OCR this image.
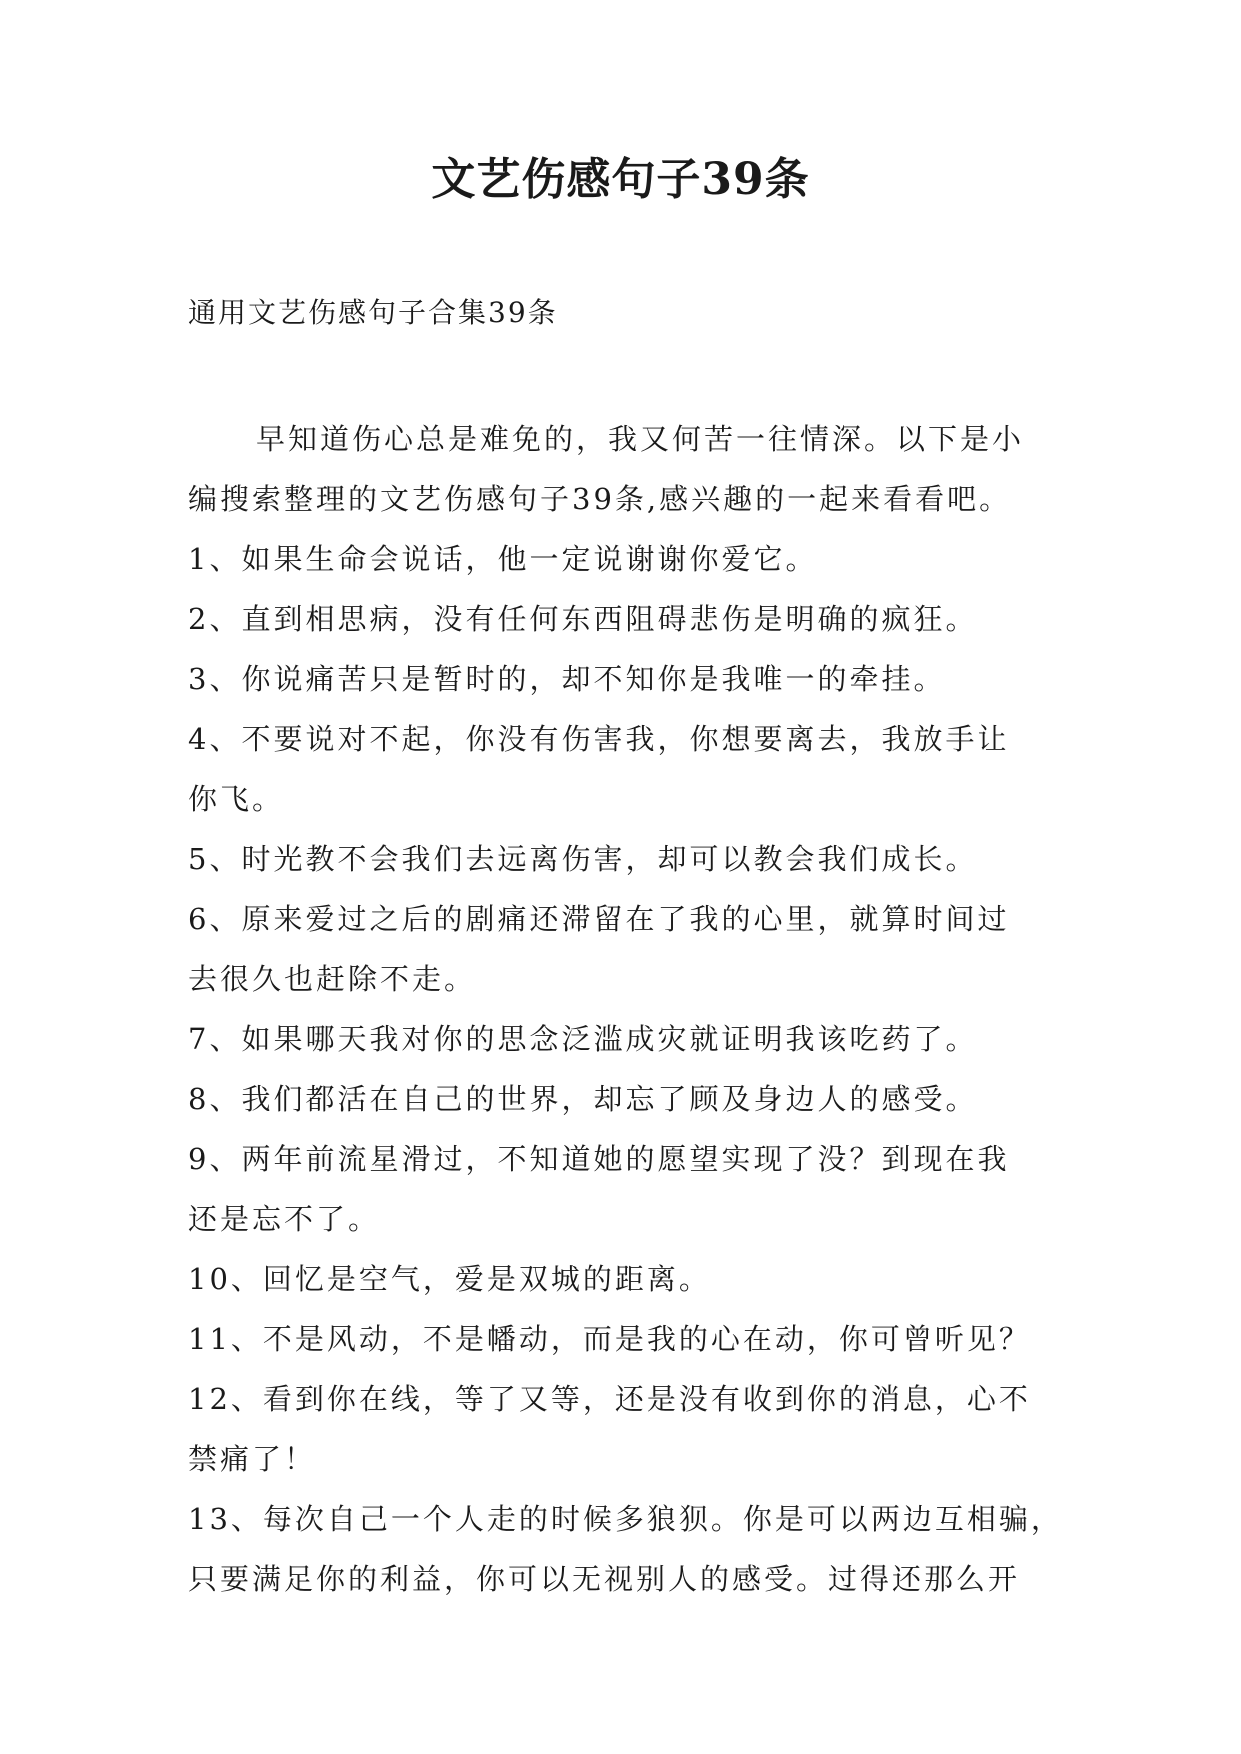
文艺伤感句子39条
通用文艺伤感句子合集39条
早知道伤心总是难免的，我又何苦一往情深。以下是小
编搜索整理的文艺伤感句子39条,感兴趣的一起来看看吧。
1、如果生命会说话，他一定说谢谢你爱它。
2、直到相思病，没有任何东西阻碍悲伤是明确的疯狂。
3、你说痛苦只是暂时的，却不知你是我唯一的牵挂。
4、不要说对不起，你没有伤害我，你想要离去，我放手让
你飞。
5、时光教不会我们去远离伤害，却可以教会我们成长。
6、原来爱过之后的剧痛还滞留在了我的心里，就算时间过
去很久也赶除不走。
7、如果哪天我对你的思念泛滥成灾就证明我该吃药了。
8、我们都活在自己的世界，却忘了顾及身边人的感受。
9、两年前流星滑过，不知道她的愿望实现了没？到现在我
还是忘不了。
10、回忆是空气，爱是双城的距离。
11、不是风动，不是幡动，而是我的心在动，你可曾听见？
12、看到你在线，等了又等，还是没有收到你的消息，心不
禁痛了！
13、每次自己一个人走的时候多狼狈。你是可以两边互相骗，
只要满足你的利益，你可以无视别人的感受。过得还那么开
